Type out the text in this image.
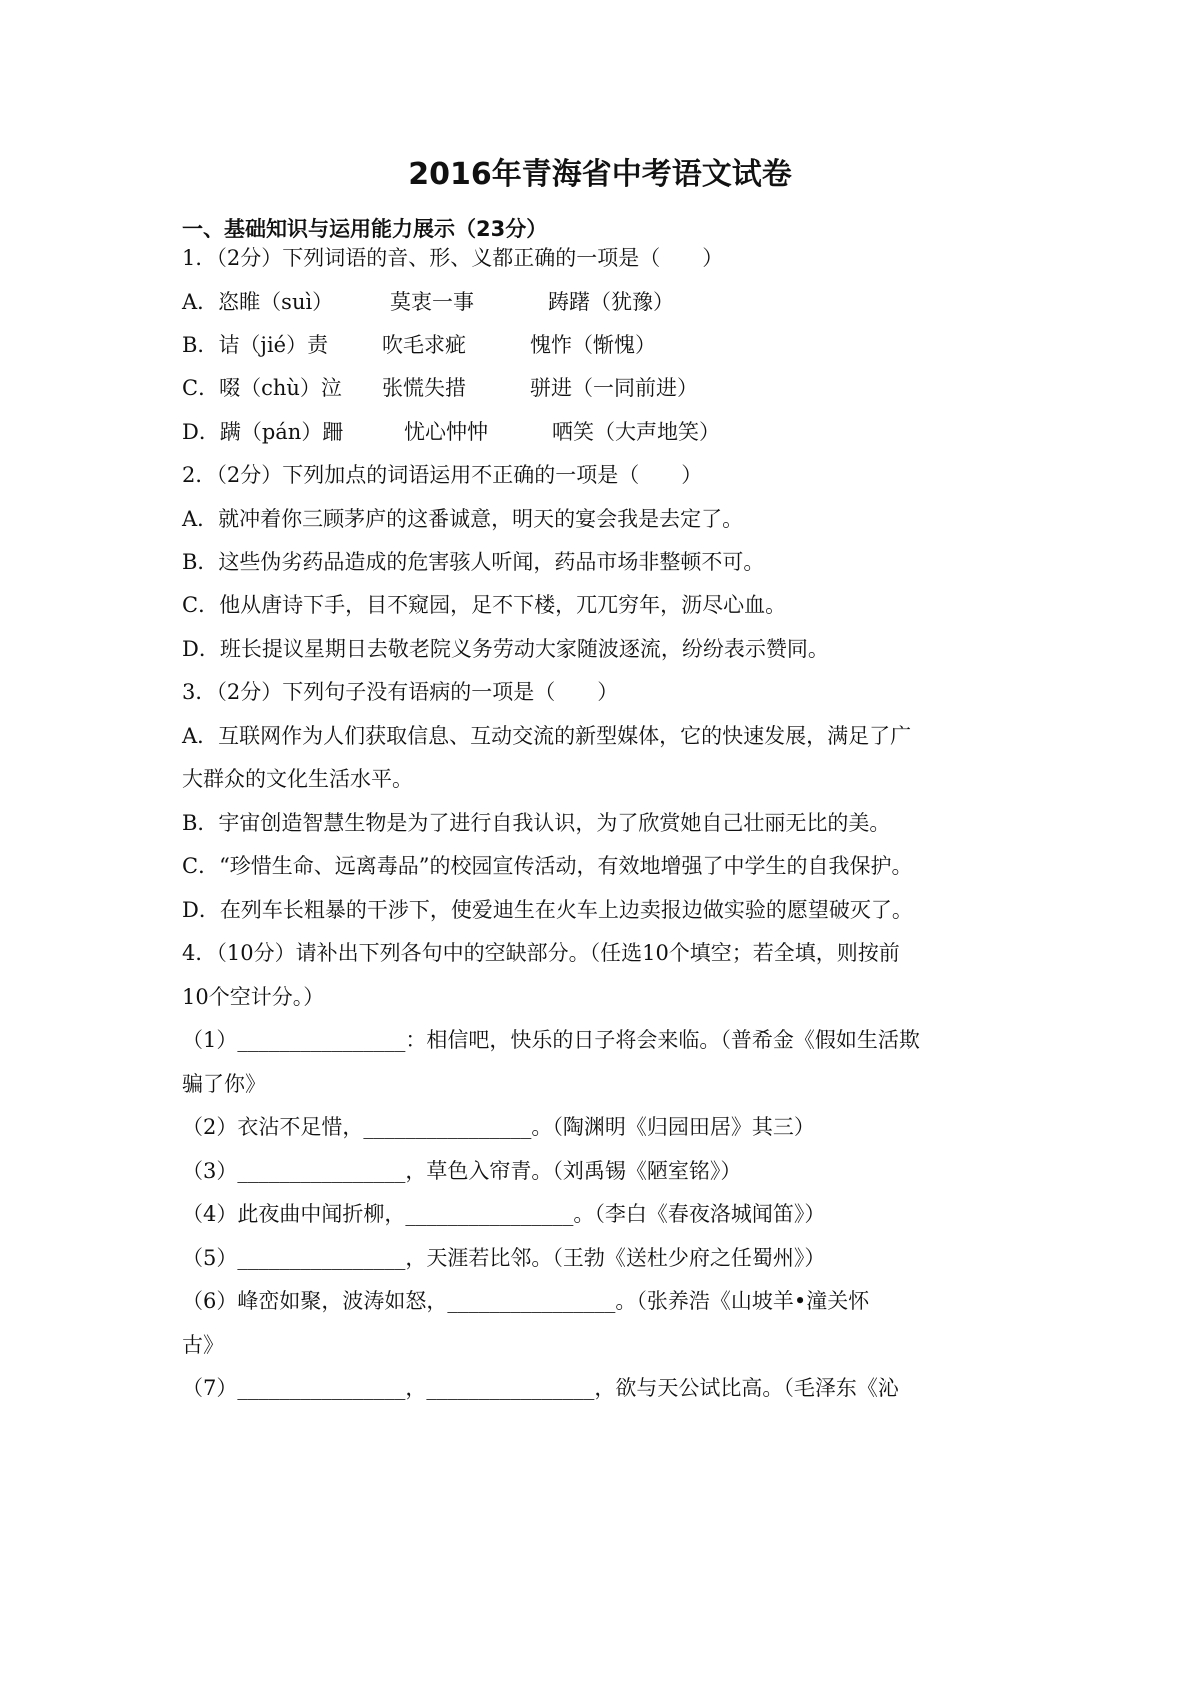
2016年青海省中考语文试卷
一、基础知识与运用能力展示（23分）
1．（2分）下列词语的音、形、义都正确的一项是（　　）
A．恣睢（suì）	莫衷一事	踌躇（犹豫）
B．诘（jié）责	吹毛求疵	愧怍（惭愧）
C．啜（chù）泣 张慌失措	骈进（一同前进）
D．蹒（pán）跚	忧心忡忡	哂笑（大声地笑）
2．（2分）下列加点的词语运用不正确的一项是（　　）
A．就冲着你三顾茅庐的这番诚意，明天的宴会我是去定了。
B．这些伪劣药品造成的危害骇人听闻，药品市场非整顿不可。
C．他从唐诗下手，目不窥园，足不下楼，兀兀穷年，沥尽心血。
D．班长提议星期日去敬老院义务劳动大家随波逐流，纷纷表示赞同。
3．（2分）下列句子没有语病的一项是（　　）
A．互联网作为人们获取信息、互动交流的新型媒体，它的快速发展，满足了广
大群众的文化生活水平。
B．宇宙创造智慧生物是为了进行自我认识，为了欣赏她自己壮丽无比的美。
C．“珍惜生命、远离毒品”的校园宣传活动，有效地增强了中学生的自我保护。
D．在列车长粗暴的干涉下，使爱迪生在火车上边卖报边做实验的愿望破灭了。
4．（10分）请补出下列各句中的空缺部分。（任选10个填空；若全填，则按前
10个空计分。）
（1）________________：相信吧，快乐的日子将会来临。（普希金《假如生活欺
骗了你》
（2）衣沾不足惜，________________。（陶渊明《归园田居》其三）
（3）________________，草色入帘青。（刘禹锡《陋室铭》）
（4）此夜曲中闻折柳，________________。（李白《春夜洛城闻笛》）
（5）________________，天涯若比邻。（王勃《送杜少府之任蜀州》）
（6）峰峦如聚，波涛如怒，________________。（张养浩《山坡羊•潼关怀
古》
（7）________________，________________，欲与天公试比高。（毛泽东《沁
